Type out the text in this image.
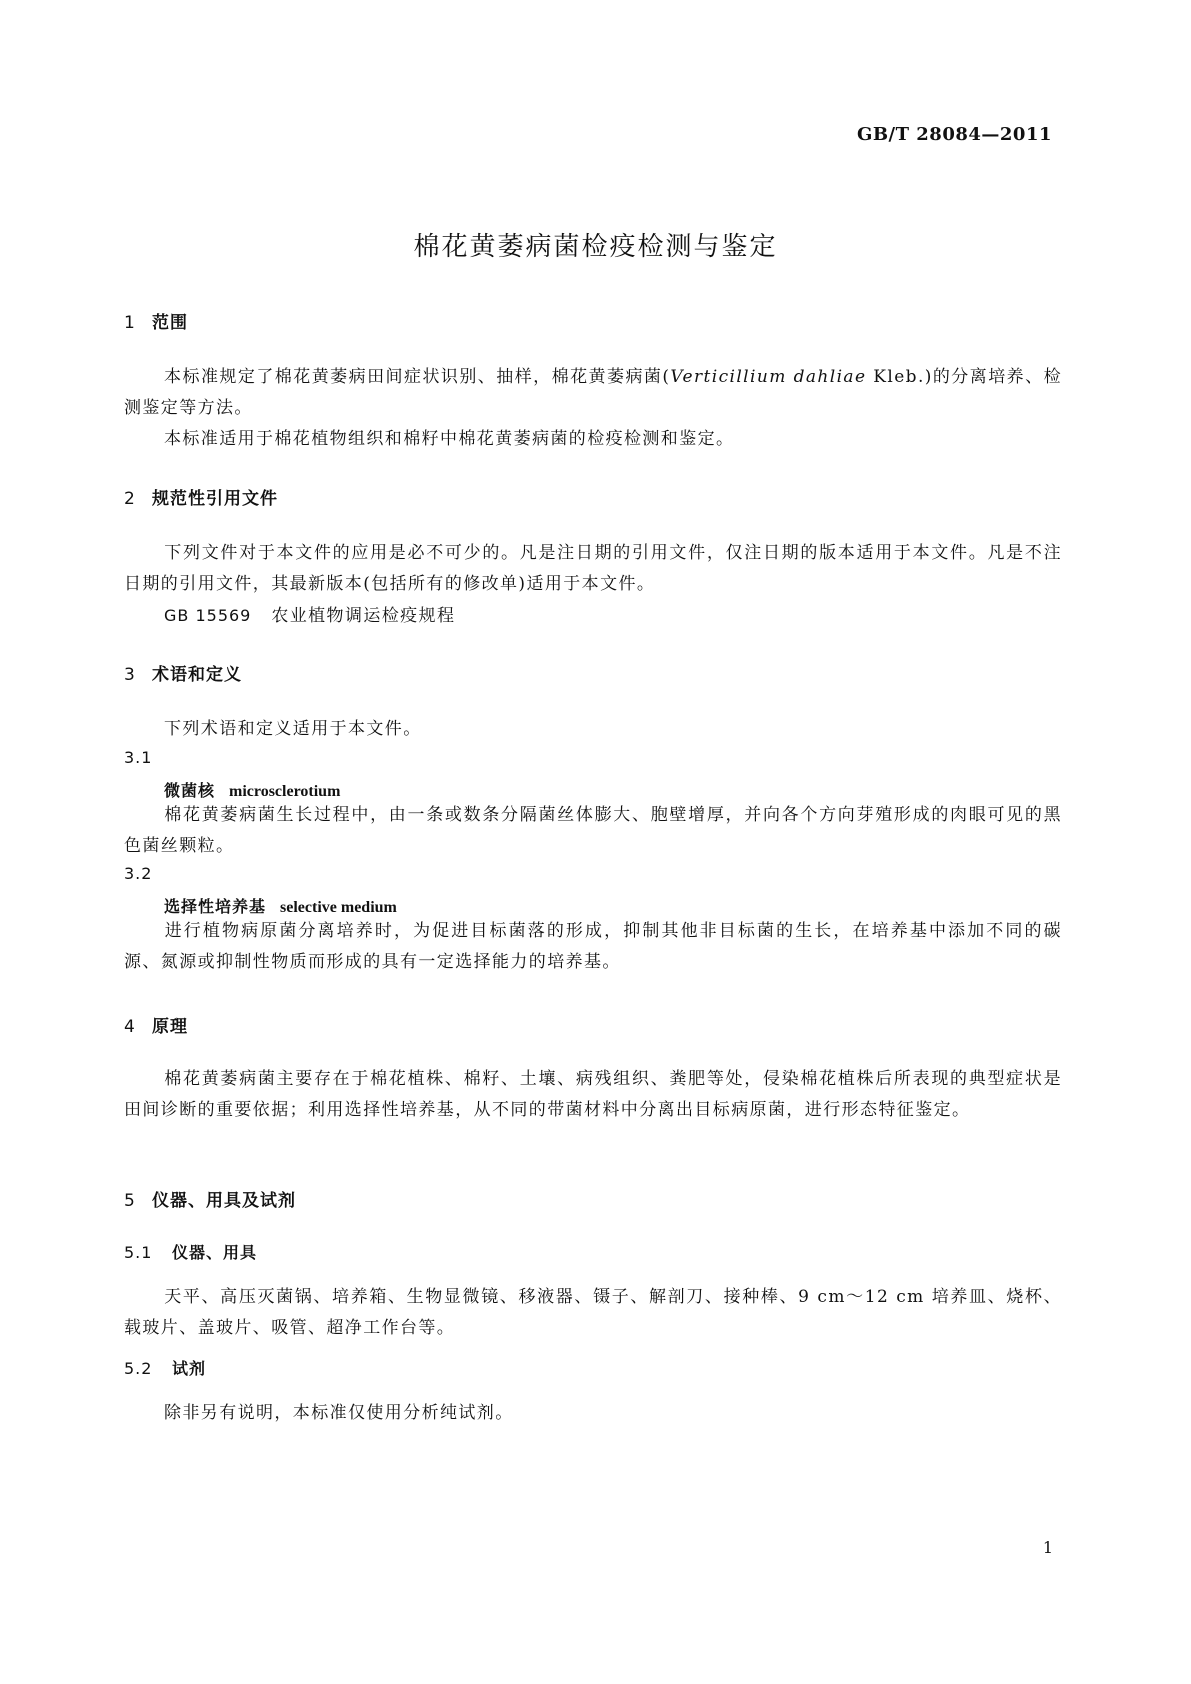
GB/T 28084—2011
棉花黄萎病菌检疫检测与鉴定
1 范围
本标准规定了棉花黄萎病田间症状识别、抽样，棉花黄萎病菌(Verticillium dahliae Kleb.)的分离培养、检测鉴定等方法。
本标准适用于棉花植物组织和棉籽中棉花黄萎病菌的检疫检测和鉴定。
2 规范性引用文件
下列文件对于本文件的应用是必不可少的。凡是注日期的引用文件，仅注日期的版本适用于本文件。凡是不注日期的引用文件，其最新版本(包括所有的修改单)适用于本文件。
GB 15569 农业植物调运检疫规程
3 术语和定义
下列术语和定义适用于本文件。
3.1
微菌核 microsclerotium
棉花黄萎病菌生长过程中，由一条或数条分隔菌丝体膨大、胞壁增厚，并向各个方向芽殖形成的肉眼可见的黑色菌丝颗粒。
3.2
选择性培养基 selective medium
进行植物病原菌分离培养时，为促进目标菌落的形成，抑制其他非目标菌的生长，在培养基中添加不同的碳源、氮源或抑制性物质而形成的具有一定选择能力的培养基。
4 原理
棉花黄萎病菌主要存在于棉花植株、棉籽、土壤、病残组织、粪肥等处，侵染棉花植株后所表现的典型症状是田间诊断的重要依据；利用选择性培养基，从不同的带菌材料中分离出目标病原菌，进行形态特征鉴定。
5 仪器、用具及试剂
5.1 仪器、用具
天平、高压灭菌锅、培养箱、生物显微镜、移液器、镊子、解剖刀、接种棒、9 cm～12 cm 培养皿、烧杯、载玻片、盖玻片、吸管、超净工作台等。
5.2 试剂
除非另有说明，本标准仅使用分析纯试剂。
1
